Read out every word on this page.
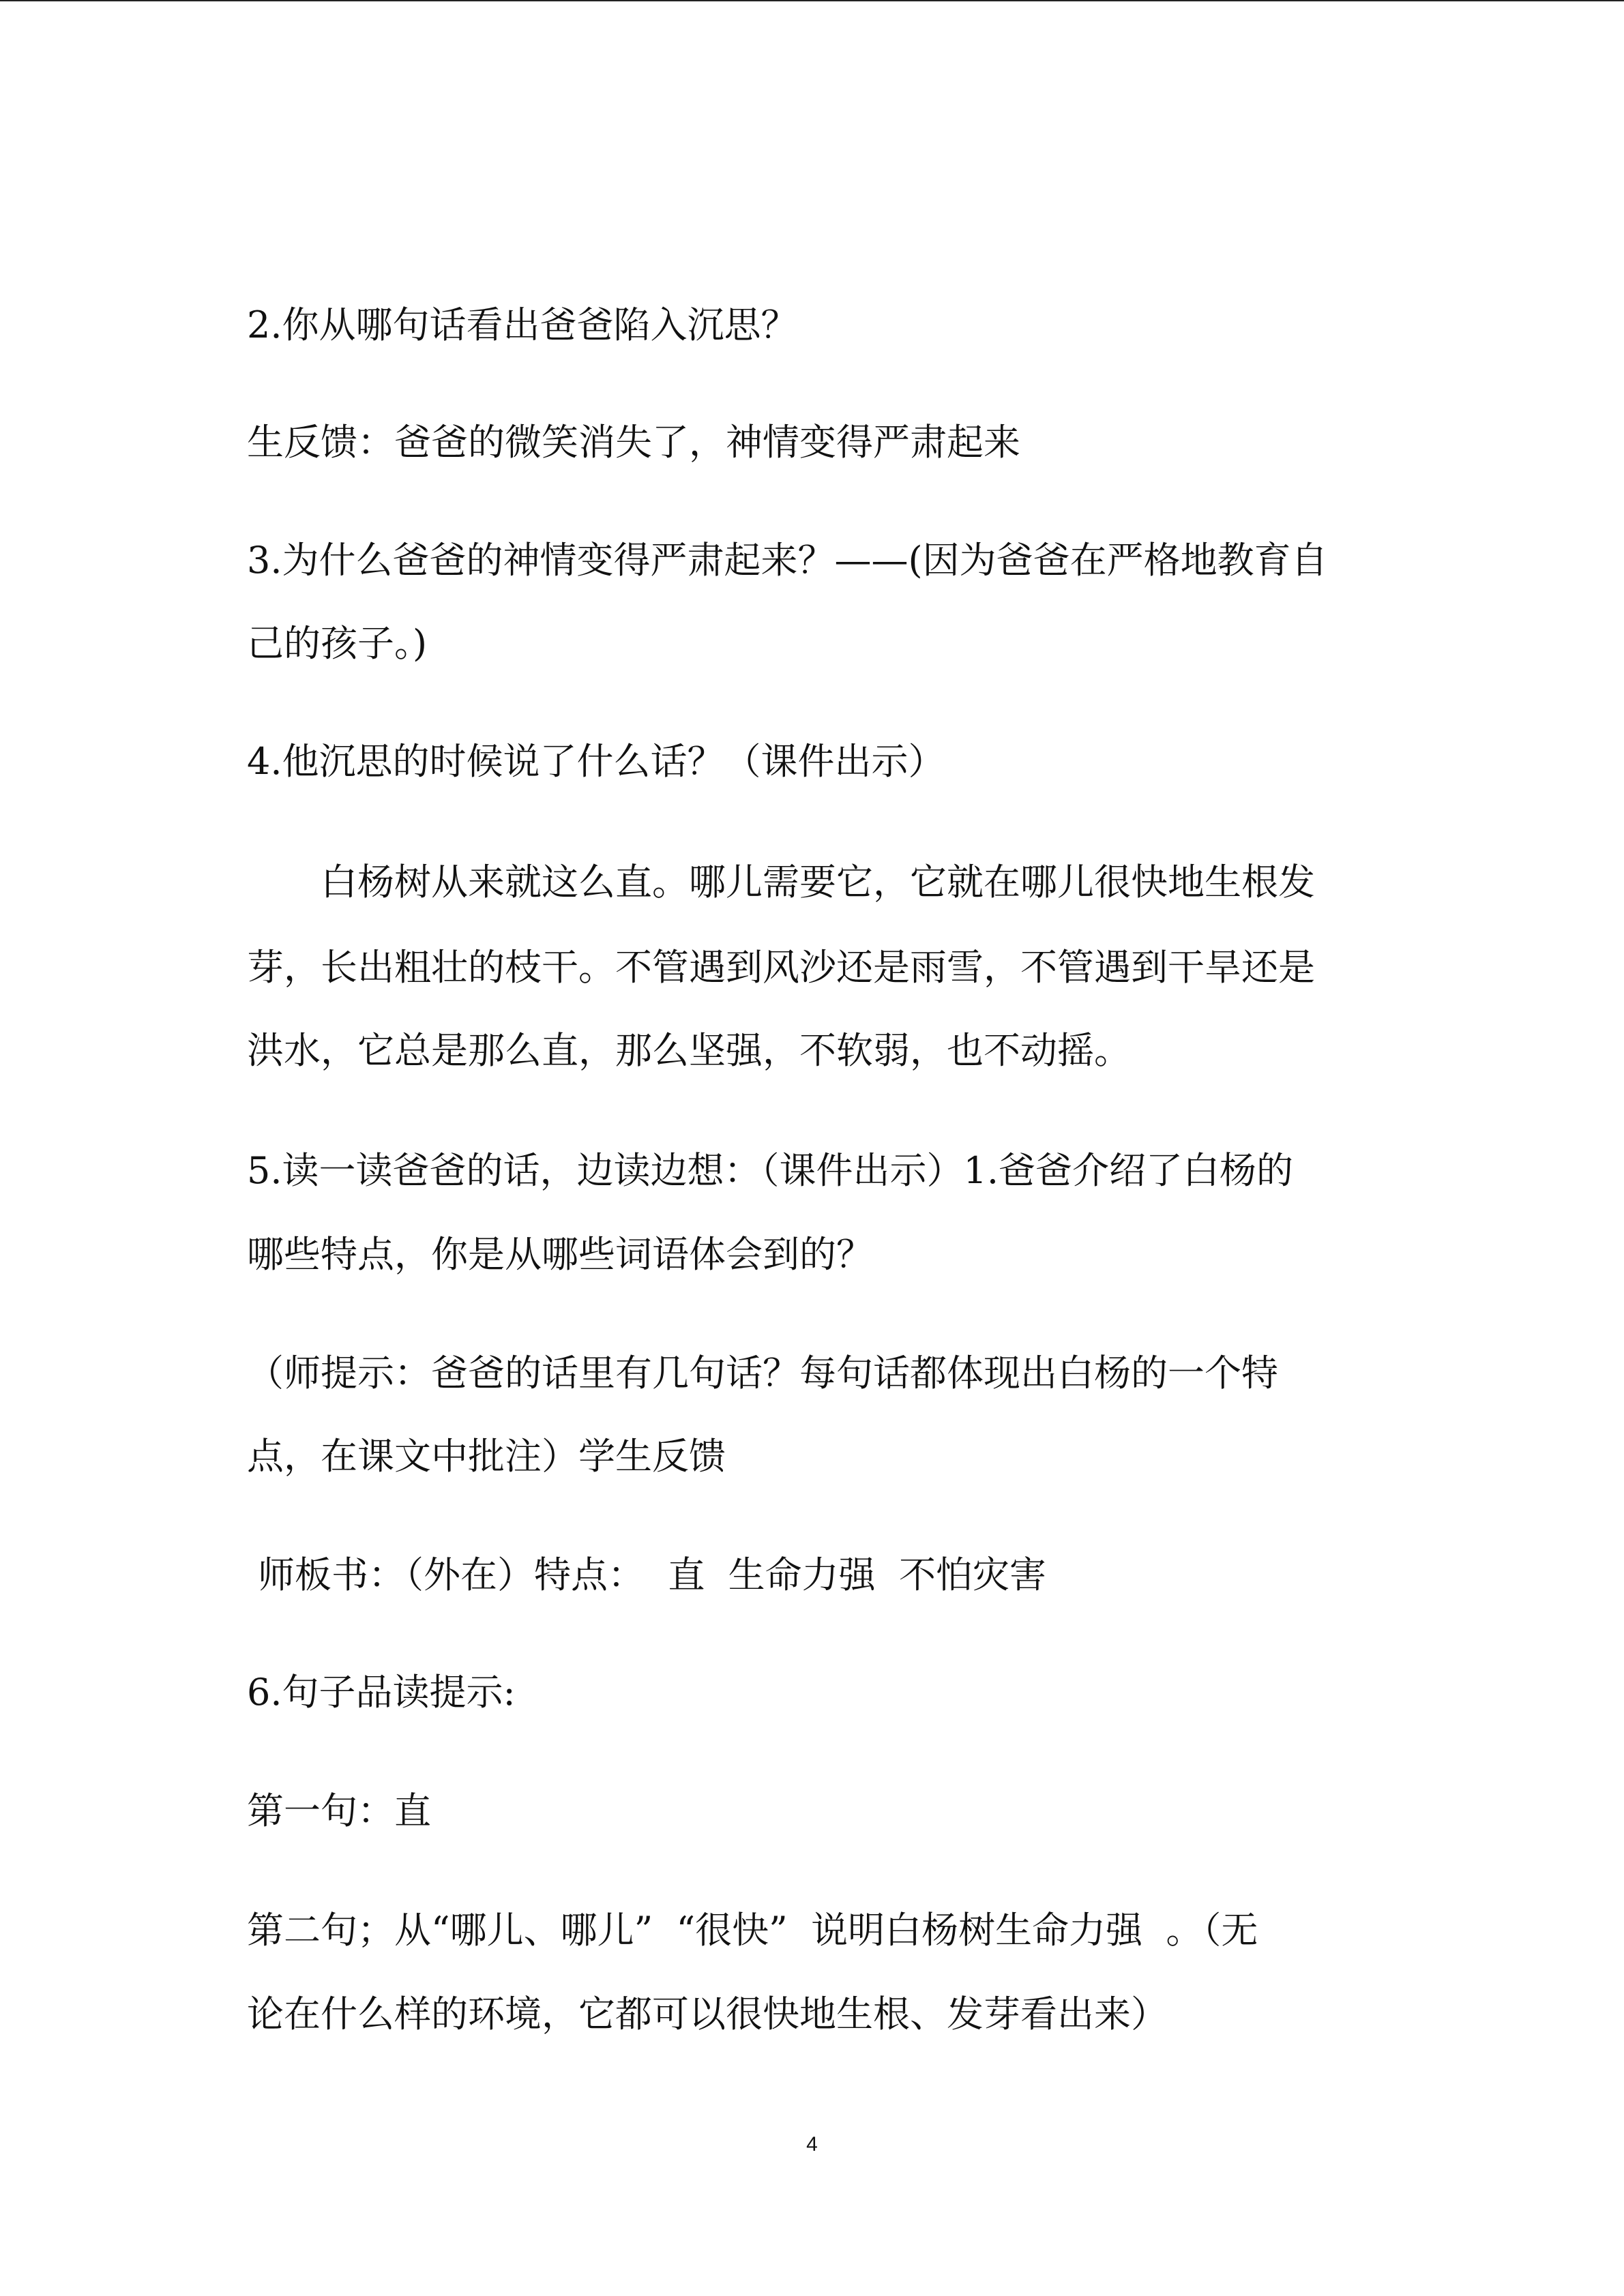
2.你从哪句话看出爸爸陷入沉思？
生反馈：爸爸的微笑消失了，神情变得严肃起来
3.为什么爸爸的神情变得严肃起来？——(因为爸爸在严格地教育自
己的孩子。)
4.他沉思的时候说了什么话？（课件出示）
白杨树从来就这么直。哪儿需要它，它就在哪儿很快地生根发
芽，长出粗壮的枝干。不管遇到风沙还是雨雪，不管遇到干旱还是
洪水，它总是那么直，那么坚强，不软弱，也不动摇。
5.读一读爸爸的话，边读边想：（课件出示）1.爸爸介绍了白杨的
哪些特点，你是从哪些词语体会到的？
（师提示：爸爸的话里有几句话？每句话都体现出白杨的一个特
点，在课文中批注）学生反馈
师板书：（外在）特点：  直  生命力强  不怕灾害
6.句子品读提示:
第一句：直
第二句；从“哪儿、哪儿”  “很快”  说明白杨树生命力强  。（无
论在什么样的环境，它都可以很快地生根、发芽看出来）
4
